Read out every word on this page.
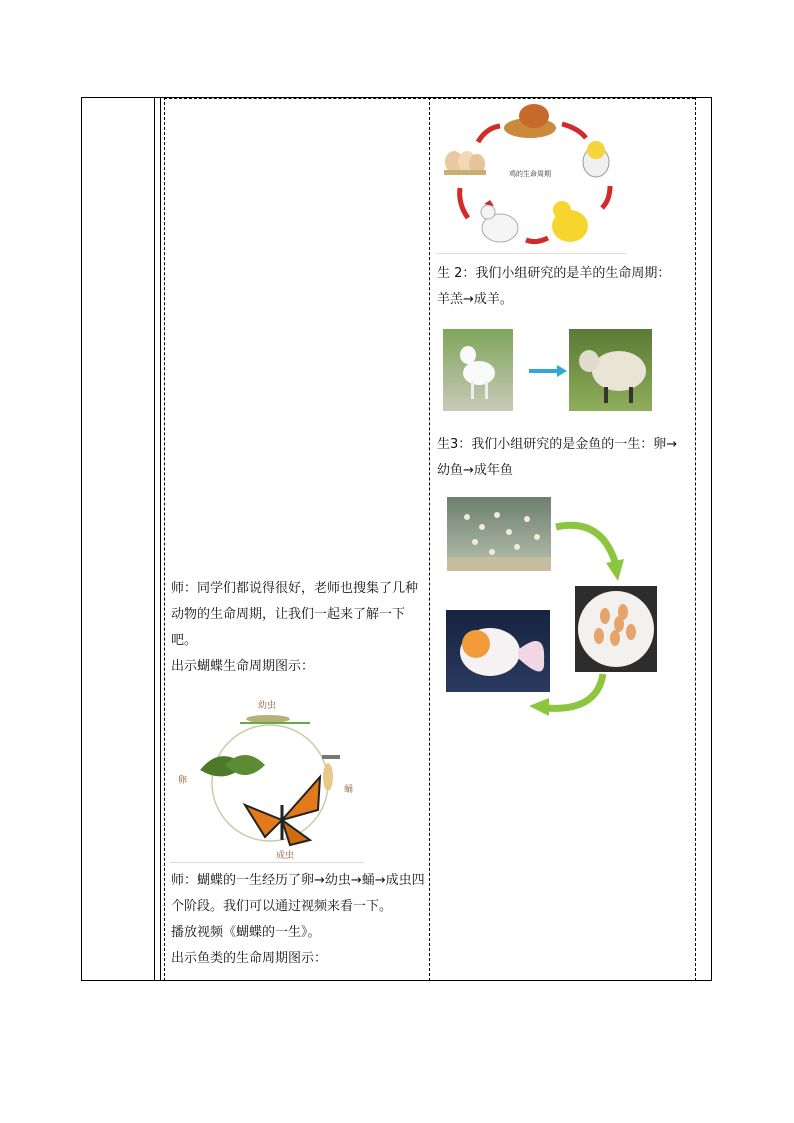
师：同学们都说得很好，老师也搜集了几种动物的生命周期，让我们一起来了解一下吧。

出示蝴蝶生命周期图示：

幼虫
卵
蛹
成虫

师：蝴蝶的一生经历了卵→幼虫→蛹→成虫四个阶段。我们可以通过视频来看一下。

播放视频《蝴蝶的一生》。

出示鱼类的生命周期图示：

鸡的生命周期

生 2：我们小组研究的是羊的生命周期：

羊羔→成羊。

生3：我们小组研究的是金鱼的一生：卵→

幼鱼→成年鱼
